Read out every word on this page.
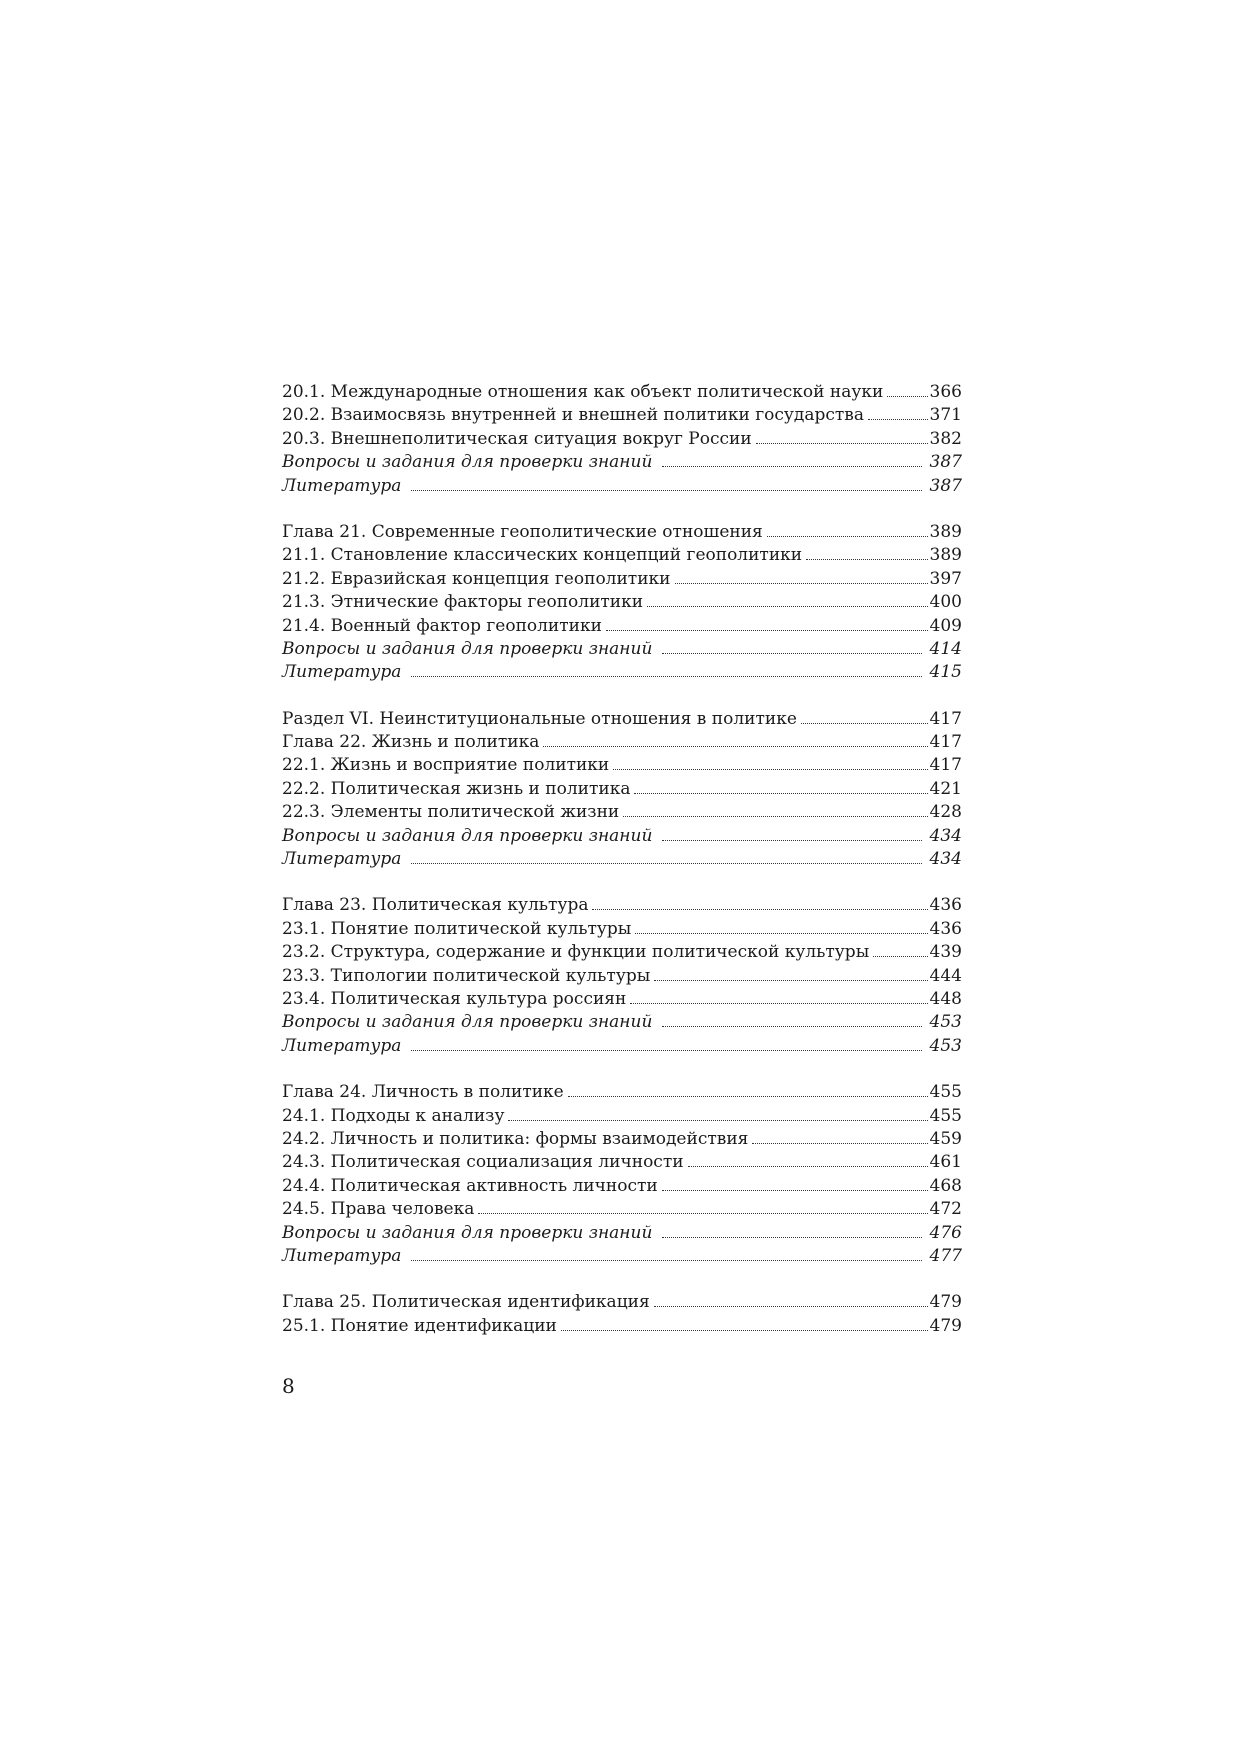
20.1. Международные отношения как объект политической науки	366
20.2. Взаимосвязь внутренней и внешней политики государства	371
20.3. Внешнеполитическая ситуация вокруг России	382
Вопросы и задания для проверки знаний	387
Литература	387
Глава 21. Современные геополитические отношения	389
21.1. Становление классических концепций геополитики	389
21.2. Евразийская концепция геополитики	397
21.3. Этнические факторы геополитики	400
21.4. Военный фактор геополитики	409
Вопросы и задания для проверки знаний	414
Литература	415
Раздел VI. Неинституциональные отношения в политике	417
Глава 22. Жизнь и политика	417
22.1. Жизнь и восприятие политики	417
22.2. Политическая жизнь и политика	421
22.3. Элементы политической жизни	428
Вопросы и задания для проверки знаний	434
Литература	434
Глава 23. Политическая культура	436
23.1. Понятие политической культуры	436
23.2. Структура, содержание и функции политической культуры	439
23.3. Типологии политической культуры	444
23.4. Политическая культура россиян	448
Вопросы и задания для проверки знаний	453
Литература	453
Глава 24. Личность в политике	455
24.1. Подходы к анализу	455
24.2. Личность и политика: формы взаимодействия	459
24.3. Политическая социализация личности	461
24.4. Политическая активность личности	468
24.5. Права человека	472
Вопросы и задания для проверки знаний	476
Литература	477
Глава 25. Политическая идентификация	479
25.1. Понятие идентификации	479
8
